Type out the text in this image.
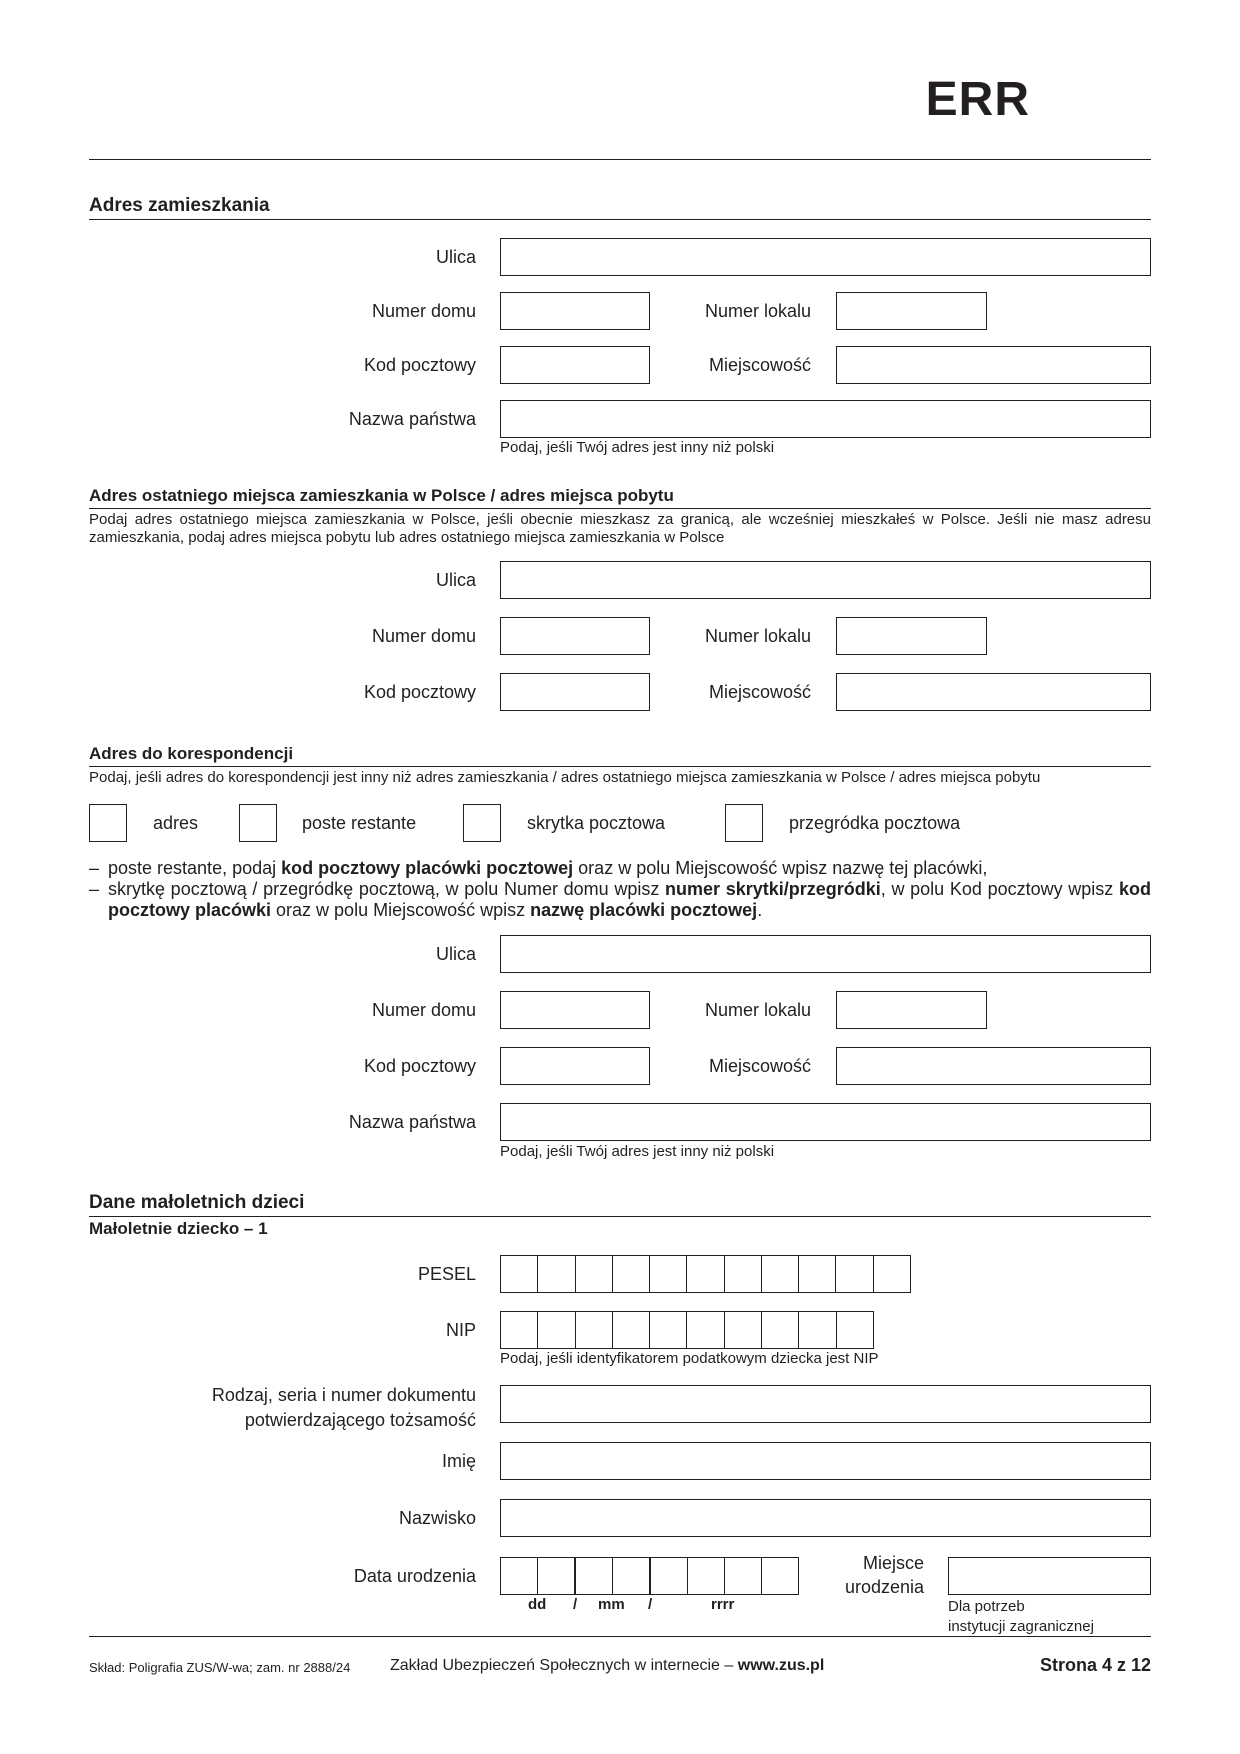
ERR
Adres zamieszkania
Ulica
Numer domu	Numer lokalu
Kod pocztowy	Miejscowość
Nazwa państwa
Podaj, jeśli Twój adres jest inny niż polski
Adres ostatniego miejsca zamieszkania w Polsce / adres miejsca pobytu
Podaj adres ostatniego miejsca zamieszkania w Polsce, jeśli obecnie mieszkasz za granicą, ale wcześniej mieszkałeś w Polsce. Jeśli nie masz adresu zamieszkania, podaj adres miejsca pobytu lub adres ostatniego miejsca zamieszkania w Polsce
Ulica
Numer domu	Numer lokalu
Kod pocztowy	Miejscowość
Adres do korespondencji
Podaj, jeśli adres do korespondencji jest inny niż adres zamieszkania / adres ostatniego miejsca zamieszkania w Polsce / adres miejsca pobytu
adres	poste restante	skrytka pocztowa	przegródka pocztowa
– poste restante, podaj kod pocztowy placówki pocztowej oraz w polu Miejscowość wpisz nazwę tej placówki,
– skrytkę pocztową / przegródkę pocztową, w polu Numer domu wpisz numer skrytki/przegródki, w polu Kod pocztowy wpisz kod pocztowy placówki oraz w polu Miejscowość wpisz nazwę placówki pocztowej.
Ulica
Numer domu	Numer lokalu
Kod pocztowy	Miejscowość
Nazwa państwa
Podaj, jeśli Twój adres jest inny niż polski
Dane małoletnich dzieci
Małoletnie dziecko – 1
PESEL
NIP
Podaj, jeśli identyfikatorem podatkowym dziecka jest NIP
Rodzaj, seria i numer dokumentu
potwierdzającego tożsamość
Imię
Nazwisko
Data urodzenia
dd / mm /	rrrr
Miejsce
urodzenia
Dla potrzeb
instytucji zagranicznej
Skład: Poligrafia ZUS/W-wa; zam. nr 2888/24 Zakład Ubezpieczeń Społecznych w internecie – www.zus.pl	Strona 4 z 12
